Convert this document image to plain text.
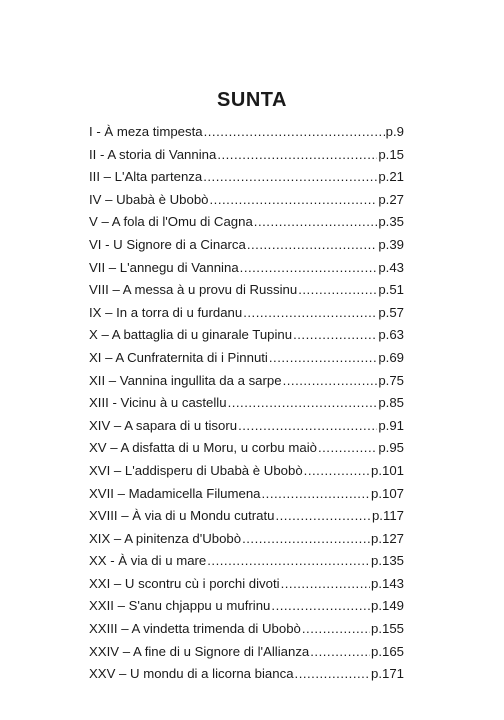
SUNTA
I - À meza timpesta .....	p.9
II - A storia di Vannina .....	p.15
III – L'Alta partenza .....	p.21
IV – Ubabà è Ubobò .....	p.27
V – A fola di l'Omu di Cagna .....	p.35
VI - U Signore di a Cinarca .....	p.39
VII – L'annegu di Vannina .....	p.43
VIII – A messa à u provu di Russinu .....	p.51
IX – In a torra di u furdanu .....	p.57
X – A battaglia di u ginarale Tupinu .....	p.63
XI – A Cunfraternita di i Pinnuti .....	p.69
XII – Vannina ingullita da a sarpe .....	p.75
XIII - Vicinu à u castellu .....	p.85
XIV – A sapara di u tisoru .....	p.91
XV – A disfatta di u Moru, u corbu maiò .....	p.95
XVI – L'addisperu di Ubabà è Ubobò .....	p.101
XVII – Madamicella Filumena .....	p.107
XVIII – À via di u Mondu cutratu .....	p.117
XIX – A pinitenza d'Ubobò .....	p.127
XX - À via di u mare .....	p.135
XXI – U scontru cù i porchi divoti .....	p.143
XXII – S'anu chjappu u mufrinu .....	p.149
XXIII – A vindetta trimenda di Ubobò .....	p.155
XXIV – A fine di u Signore di l'Allianza .....	p.165
XXV – U mondu di a licorna bianca .....	p.171
